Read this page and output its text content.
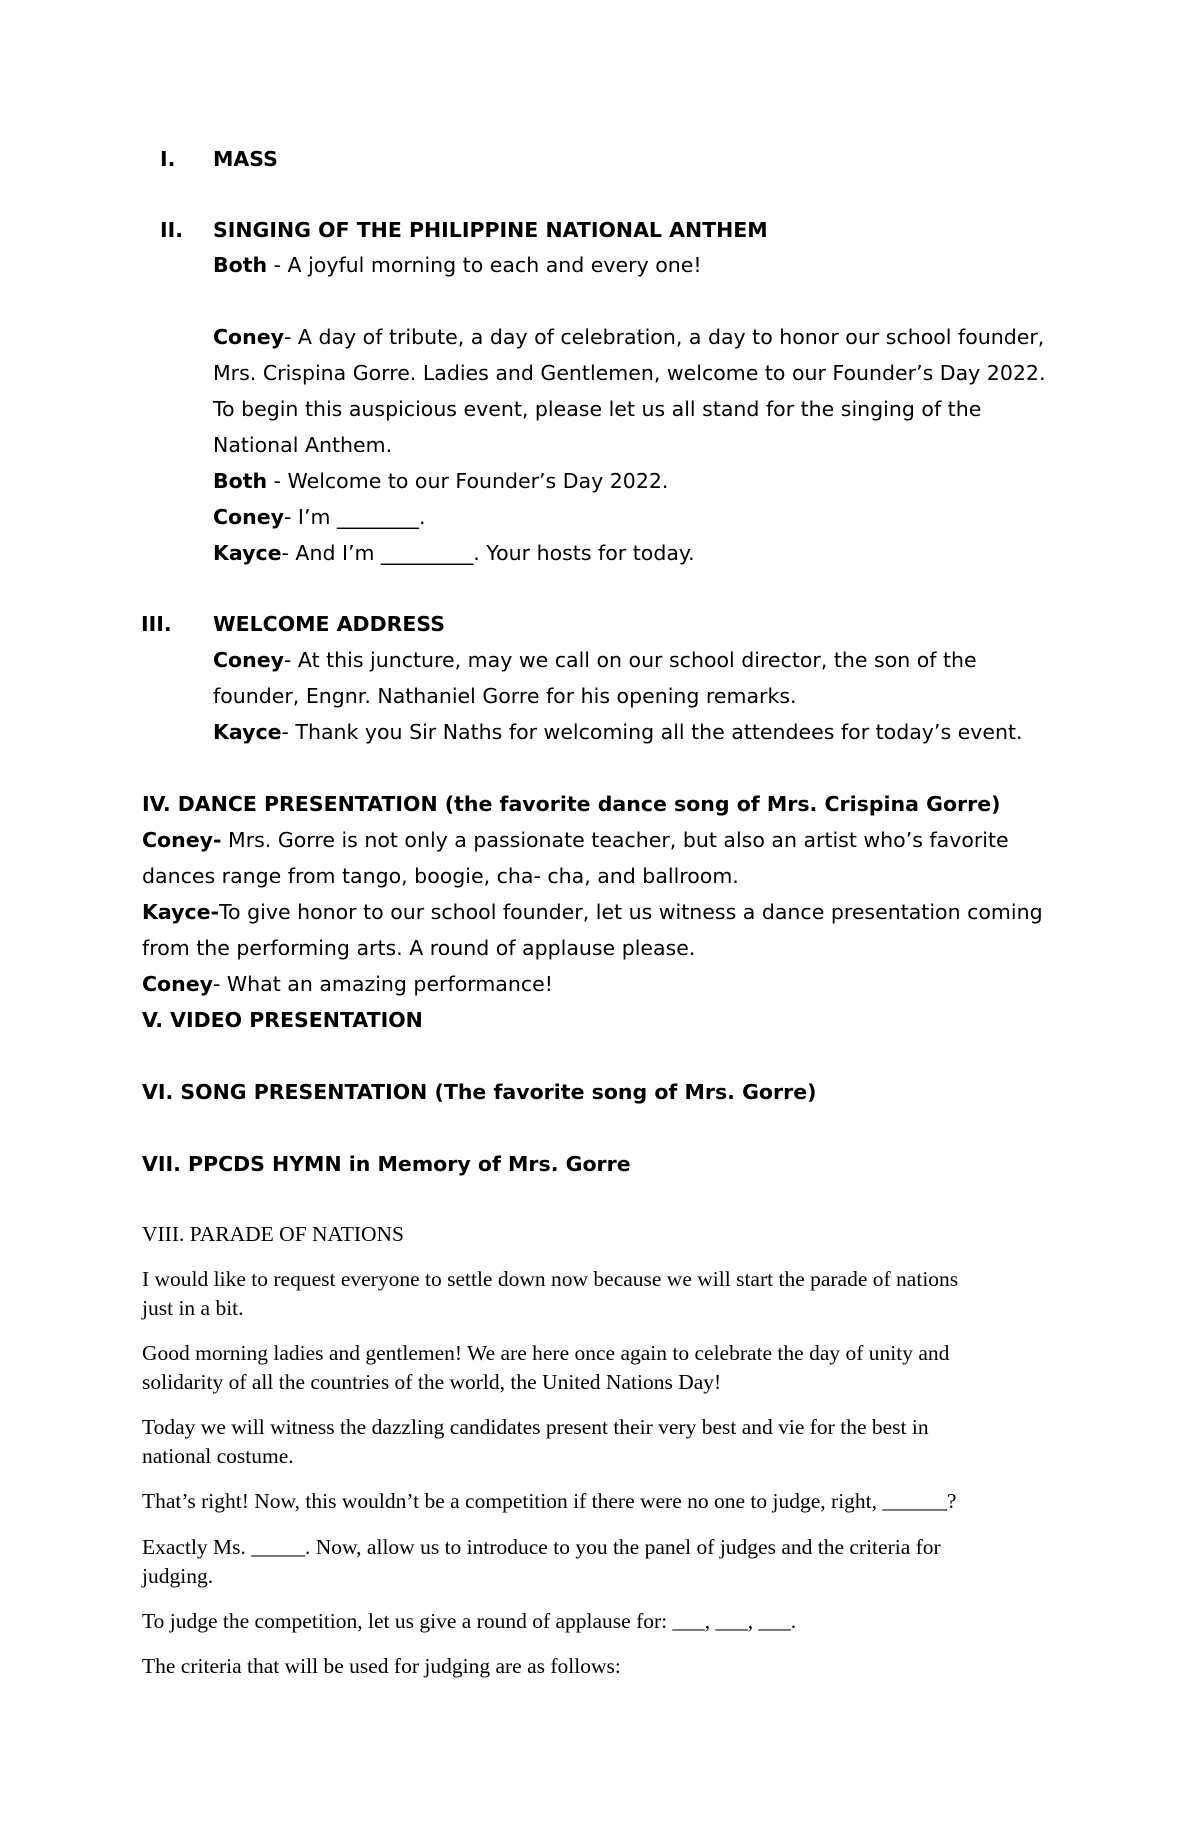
I. MASS
II. SINGING OF THE PHILIPPINE NATIONAL ANTHEM
Both - A joyful morning to each and every one!
Coney- A day of tribute, a day of celebration, a day to honor our school founder,
Mrs. Crispina Gorre. Ladies and Gentlemen, welcome to our Founder’s Day 2022.
To begin this auspicious event, please let us all stand for the singing of the
National Anthem.
Both - Welcome to our Founder’s Day 2022.
Coney- I’m ________.
Kayce- And I’m _________. Your hosts for today.
III. WELCOME ADDRESS
Coney- At this juncture, may we call on our school director, the son of the
founder, Engnr. Nathaniel Gorre for his opening remarks.
Kayce- Thank you Sir Naths for welcoming all the attendees for today’s event.
IV. DANCE PRESENTATION (the favorite dance song of Mrs. Crispina Gorre)
Coney- Mrs. Gorre is not only a passionate teacher, but also an artist who’s favorite
dances range from tango, boogie, cha- cha, and ballroom.
Kayce-To give honor to our school founder, let us witness a dance presentation coming
from the performing arts. A round of applause please.
Coney- What an amazing performance!
V. VIDEO PRESENTATION
VI. SONG PRESENTATION (The favorite song of Mrs. Gorre)
VII. PPCDS HYMN in Memory of Mrs. Gorre
VIII. PARADE OF NATIONS
I would like to request everyone to settle down now because we will start the parade of nations
just in a bit.
Good morning ladies and gentlemen! We are here once again to celebrate the day of unity and
solidarity of all the countries of the world, the United Nations Day!
Today we will witness the dazzling candidates present their very best and vie for the best in
national costume.
That’s right! Now, this wouldn’t be a competition if there were no one to judge, right, ______?
Exactly Ms. _____. Now, allow us to introduce to you the panel of judges and the criteria for
judging.
To judge the competition, let us give a round of applause for: ___, ___, ___.
The criteria that will be used for judging are as follows:
